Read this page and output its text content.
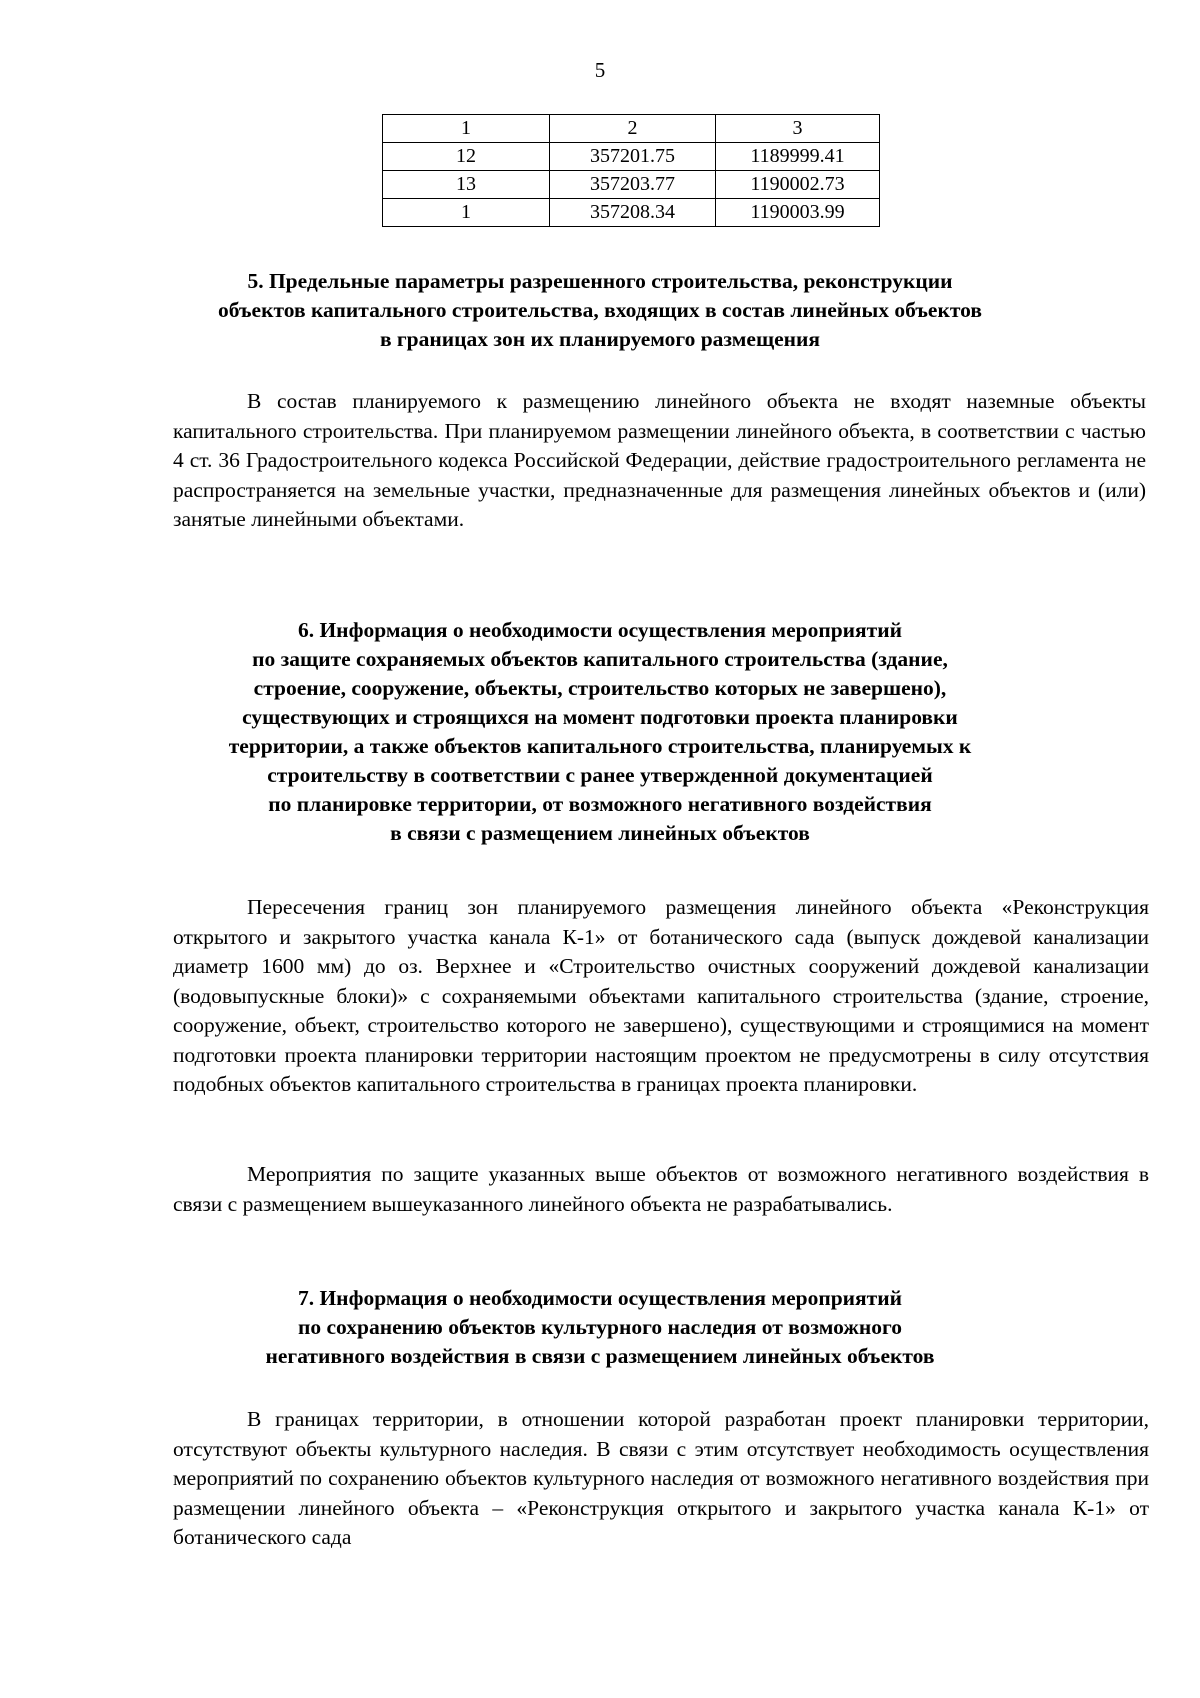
5
1	2	3
12	357201.75	1189999.41
13	357203.77	1190002.73
1	357208.34	1190003.99
5. Предельные параметры разрешенного строительства, реконструкции
объектов капитального строительства, входящих в состав линейных объектов
в границах зон их планируемого размещения

В состав планируемого к размещению линейного объекта не входят наземные объекты капитального строительства. При планируемом размещении линейного объекта, в соответствии с частью 4 ст. 36 Градостроительного кодекса Российской Федерации, действие градостроительного регламента не распространяется на земельные участки, предназначенные для размещения линейных объектов и (или) занятые линейными объектами.

6. Информация о необходимости осуществления мероприятий
по защите сохраняемых объектов капитального строительства (здание,
строение, сооружение, объекты, строительство которых не завершено),
существующих и строящихся на момент подготовки проекта планировки
территории, а также объектов капитального строительства, планируемых к
строительству в соответствии с ранее утвержденной документацией
по планировке территории, от возможного негативного воздействия
в связи с размещением линейных объектов

Пересечения границ зон планируемого размещения линейного объекта «Реконструкция открытого и закрытого участка канала К-1» от ботанического сада (выпуск дождевой канализации диаметр 1600 мм) до оз. Верхнее и «Строительство очистных сооружений дождевой канализации (водовыпускные блоки)» с сохраняемыми объектами капитального строительства (здание, строение, сооружение, объект, строительство которого не завершено), существующими и строящимися на момент подготовки проекта планировки территории настоящим проектом не предусмотрены в силу отсутствия подобных объектов капитального строительства в границах проекта планировки.

Мероприятия по защите указанных выше объектов от возможного негативного воздействия в связи с размещением вышеуказанного линейного объекта не разрабатывались.

7. Информация о необходимости осуществления мероприятий
по сохранению объектов культурного наследия от возможного
негативного воздействия в связи с размещением линейных объектов

В границах территории, в отношении которой разработан проект планировки территории, отсутствуют объекты культурного наследия. В связи с этим отсутствует необходимость осуществления мероприятий по сохранению объектов культурного наследия от возможного негативного воздействия при размещении линейного объекта – «Реконструкция открытого и закрытого участка канала К-1» от ботанического сада
